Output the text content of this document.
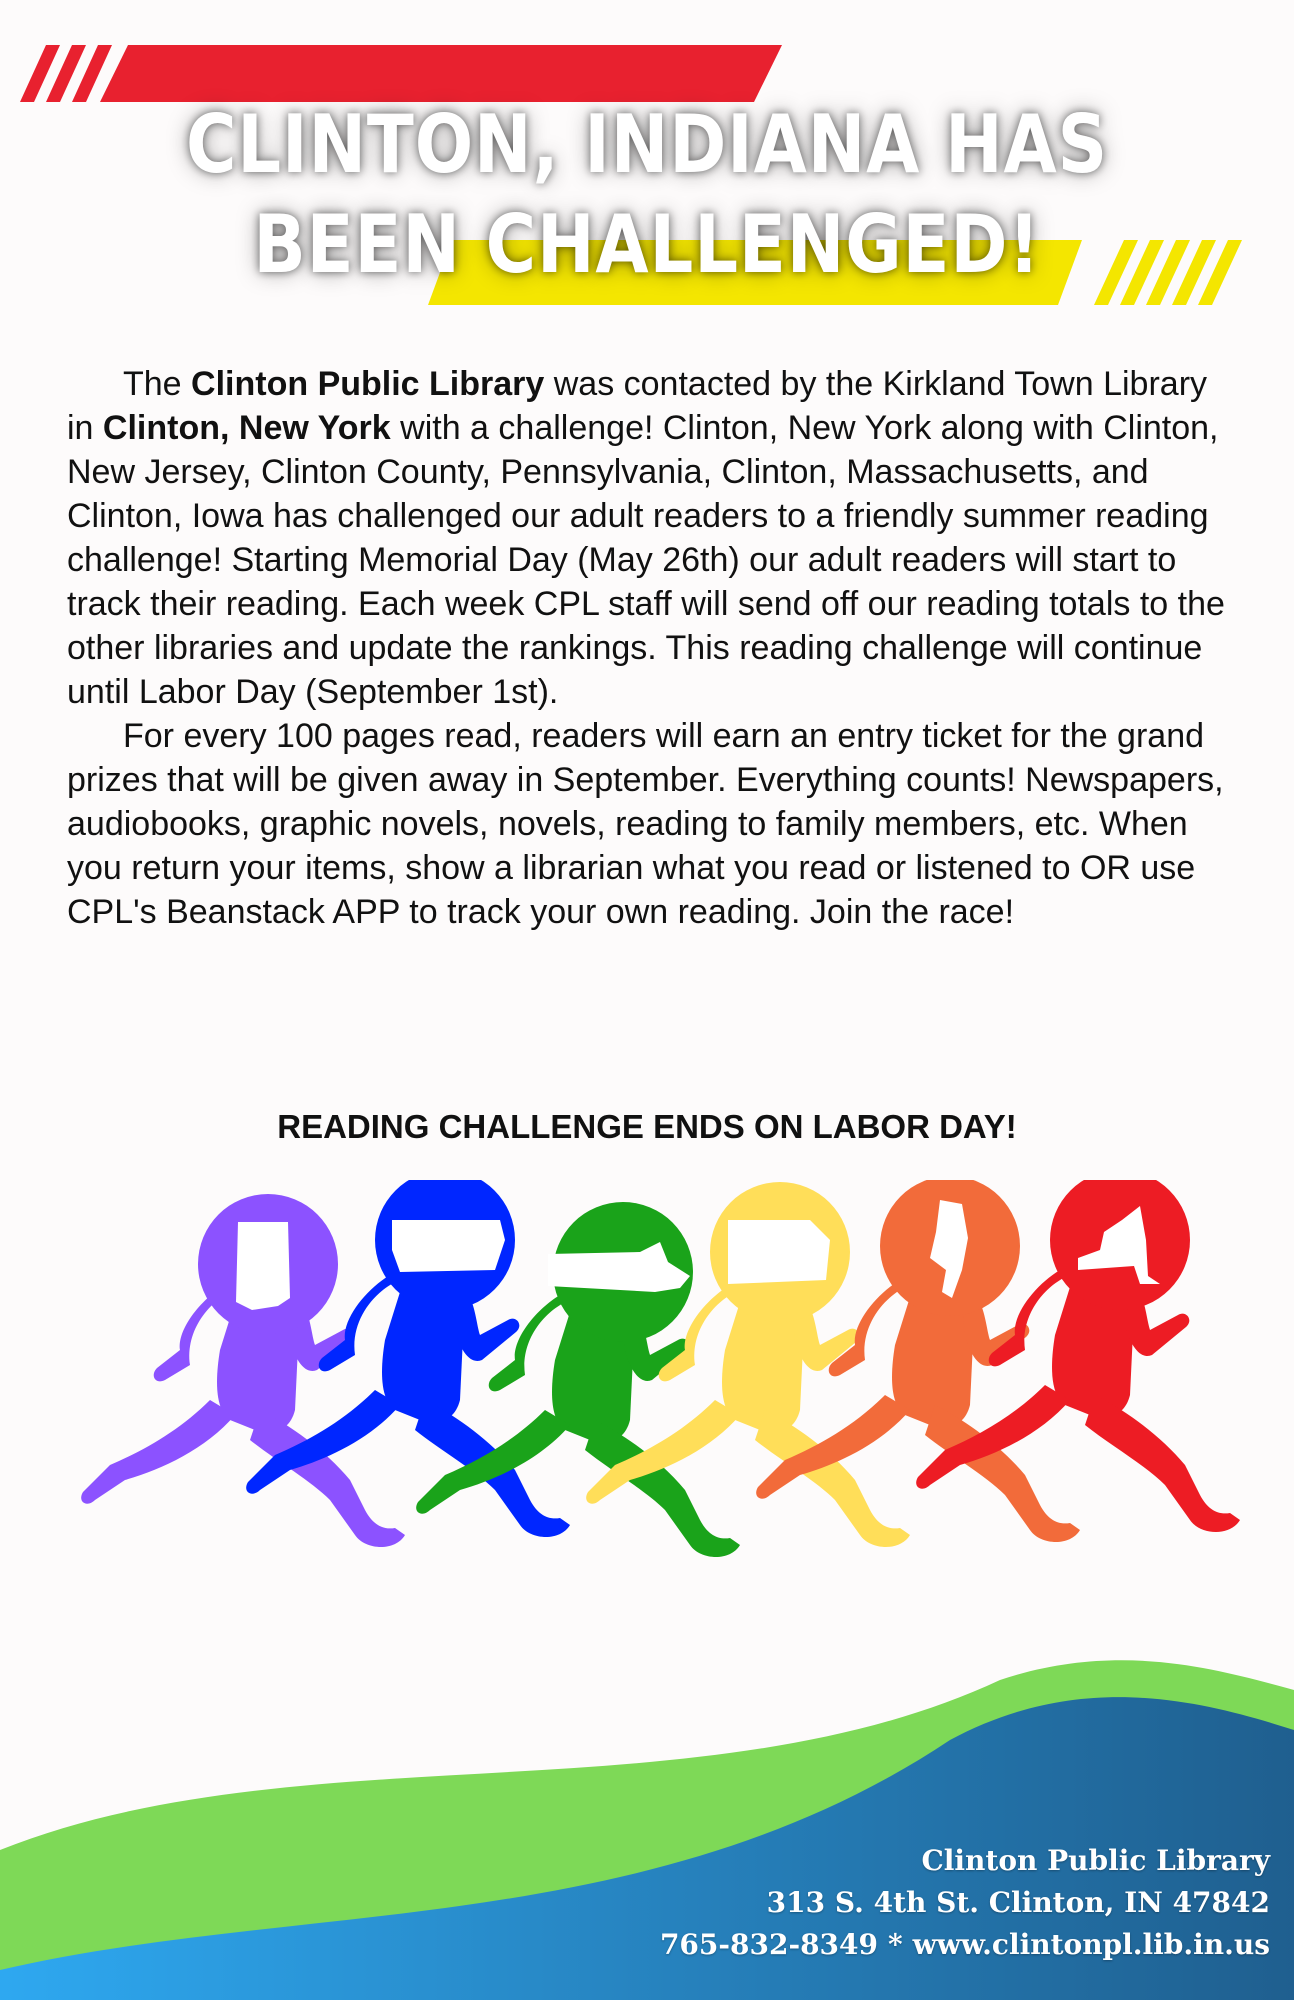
CLINTON, INDIANA HAS BEEN CHALLENGED!

The Clinton Public Library was contacted by the Kirkland Town Library in Clinton, New York with a challenge! Clinton, New York along with Clinton, New Jersey, Clinton County, Pennsylvania, Clinton, Massachusetts, and Clinton, Iowa has challenged our adult readers to a friendly summer reading challenge! Starting Memorial Day (May 26th) our adult readers will start to track their reading. Each week CPL staff will send off our reading totals to the other libraries and update the rankings. This reading challenge will continue until Labor Day (September 1st).

For every 100 pages read, readers will earn an entry ticket for the grand prizes that will be given away in September. Everything counts! Newspapers, audiobooks, graphic novels, novels, reading to family members, etc. When you return your items, show a librarian what you read or listened to OR use CPL's Beanstack APP to track your own reading. Join the race!

READING CHALLENGE ENDS ON LABOR DAY!
Clinton Public Library
313 S. 4th St. Clinton, IN 47842
765-832-8349 * www.clintonpl.lib.in.us
